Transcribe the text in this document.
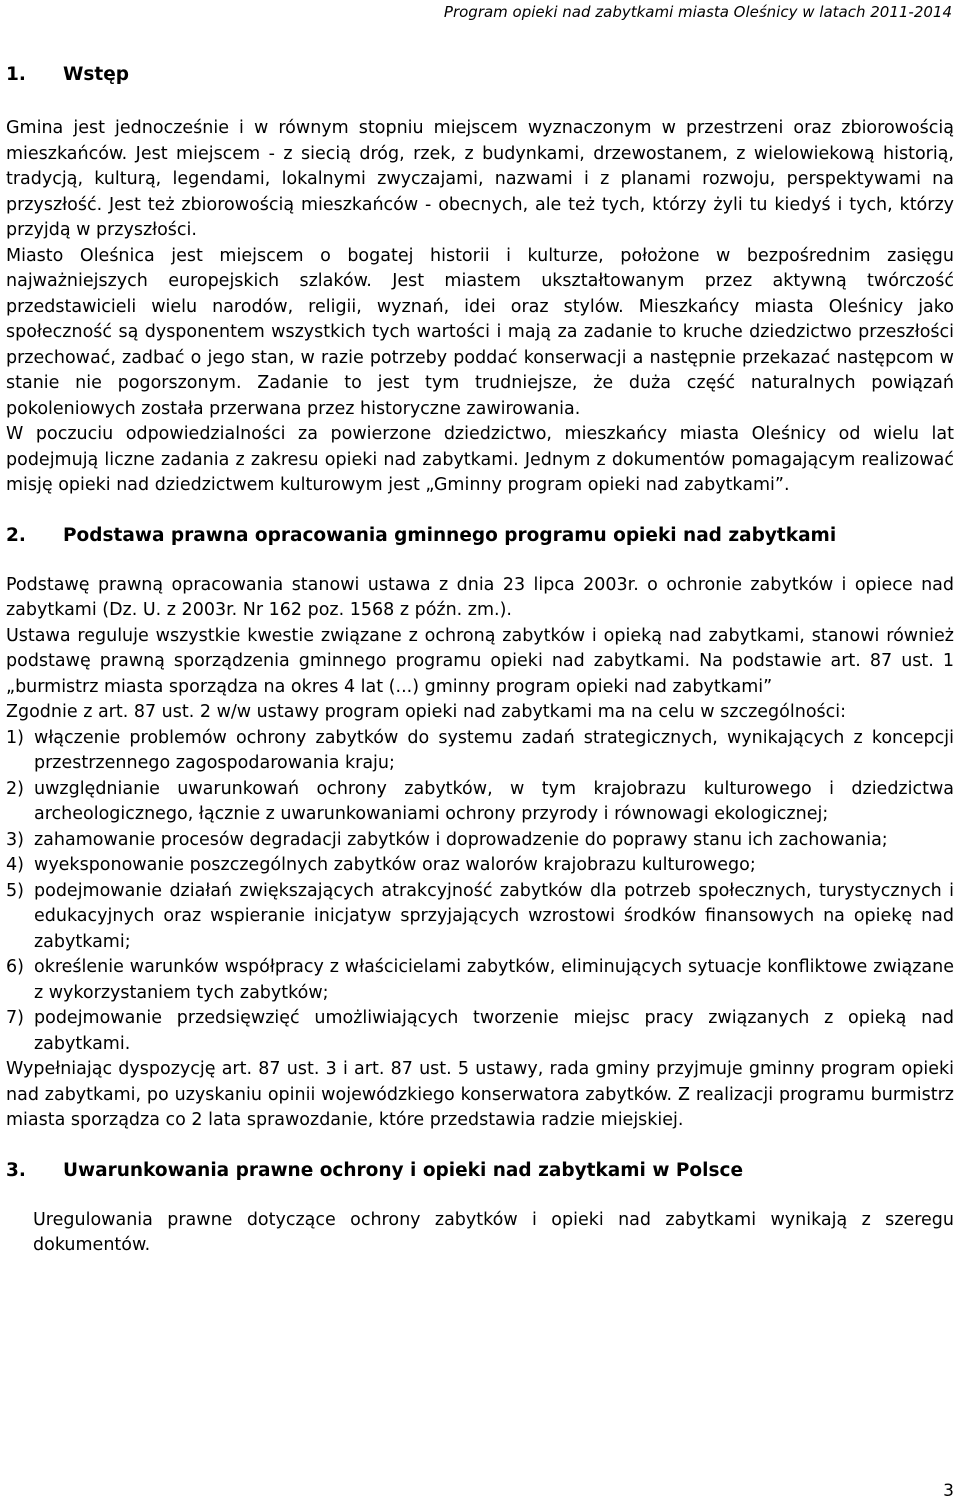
Program opieki nad zabytkami miasta Oleśnicy w latach 2011-2014
1.	Wstęp

Gmina jest jednocześnie i w równym stopniu miejscem wyznaczonym w przestrzeni oraz zbiorowością mieszkańców. Jest miejscem - z siecią dróg, rzek, z budynkami, drzewostanem, z wielowiekową historią, tradycją, kulturą, legendami, lokalnymi zwyczajami, nazwami i z planami rozwoju, perspektywami na przyszłość. Jest też zbiorowością mieszkańców - obecnych, ale też tych, którzy żyli tu kiedyś i tych, którzy przyjdą w przyszłości.

Miasto Oleśnica jest miejscem o bogatej historii i kulturze, położone w bezpośrednim zasięgu najważniejszych europejskich szlaków. Jest miastem ukształtowanym przez aktywną twórczość przedstawicieli wielu narodów, religii, wyznań, idei oraz stylów. Mieszkańcy miasta Oleśnicy jako społeczność są dysponentem wszystkich tych wartości i mają za zadanie to kruche dziedzictwo przeszłości przechować, zadbać o jego stan, w razie potrzeby poddać konserwacji a następnie przekazać następcom w stanie nie pogorszonym. Zadanie to jest tym trudniejsze, że duża część naturalnych powiązań pokoleniowych została przerwana przez historyczne zawirowania.

W poczuciu odpowiedzialności za powierzone dziedzictwo, mieszkańcy miasta Oleśnicy od wielu lat podejmują liczne zadania z zakresu opieki nad zabytkami. Jednym z dokumentów pomagającym realizować misję opieki nad dziedzictwem kulturowym jest „Gminny program opieki nad zabytkami”.

2.	Podstawa prawna opracowania gminnego programu opieki nad zabytkami

Podstawę prawną opracowania stanowi ustawa z dnia 23 lipca 2003r. o ochronie zabytków i opiece nad zabytkami (Dz. U. z 2003r. Nr 162 poz. 1568 z późn. zm.).

Ustawa reguluje wszystkie kwestie związane z ochroną zabytków i opieką nad zabytkami, stanowi również podstawę prawną sporządzenia gminnego programu opieki nad zabytkami. Na podstawie art. 87 ust. 1 „burmistrz miasta sporządza na okres 4 lat (...) gminny program opieki nad zabytkami”

Zgodnie z art. 87 ust. 2 w/w ustawy program opieki nad zabytkami ma na celu w szczególności:

1) włączenie problemów ochrony zabytków do systemu zadań strategicznych, wynikających z koncepcji przestrzennego zagospodarowania kraju;
2) uwzględnianie uwarunkowań ochrony zabytków, w tym krajobrazu kulturowego i dziedzictwa archeologicznego, łącznie z uwarunkowaniami ochrony przyrody i równowagi ekologicznej;
3) zahamowanie procesów degradacji zabytków i doprowadzenie do poprawy stanu ich zachowania;
4) wyeksponowanie poszczególnych zabytków oraz walorów krajobrazu kulturowego;
5) podejmowanie działań zwiększających atrakcyjność zabytków dla potrzeb społecznych, turystycznych i edukacyjnych oraz wspieranie inicjatyw sprzyjających wzrostowi środków finansowych na opiekę nad zabytkami;
6) określenie warunków współpracy z właścicielami zabytków, eliminujących sytuacje konfliktowe związane z wykorzystaniem tych zabytków;
7) podejmowanie przedsięwzięć umożliwiających tworzenie miejsc pracy związanych z opieką nad zabytkami.

Wypełniając dyspozycję art. 87 ust. 3 i art. 87 ust. 5 ustawy, rada gminy przyjmuje gminny program opieki nad zabytkami, po uzyskaniu opinii wojewódzkiego konserwatora zabytków. Z realizacji programu burmistrz miasta sporządza co 2 lata sprawozdanie, które przedstawia radzie miejskiej.

3.	Uwarunkowania prawne ochrony i opieki nad zabytkami w Polsce

Uregulowania prawne dotyczące ochrony zabytków i opieki nad zabytkami wynikają z szeregu dokumentów.

3
